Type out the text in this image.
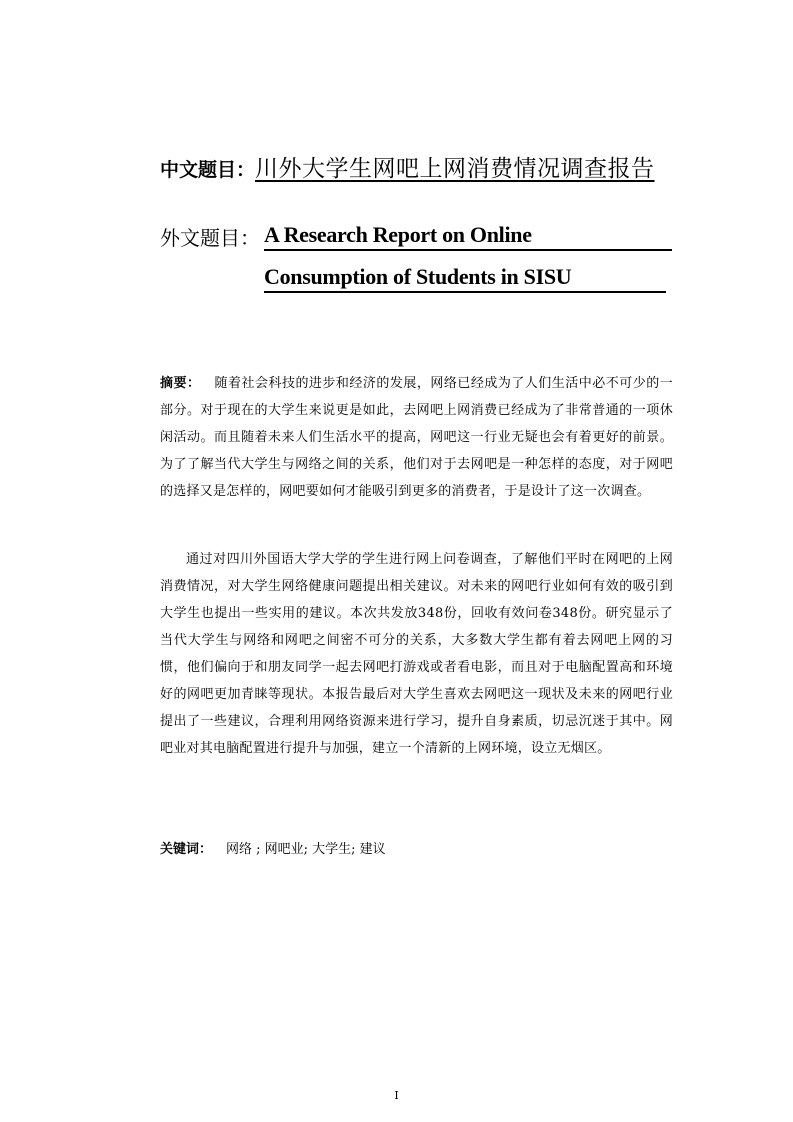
中文题目： 川外大学生网吧上网消费情况调查报告
外文题目： A Research Report on Online
Consumption of Students in SISU
摘要： 随着社会科技的进步和经济的发展，网络已经成为了人们生活中必不可少的一部分。对于现在的大学生来说更是如此，去网吧上网消费已经成为了非常普通的一项休闲活动。而且随着未来人们生活水平的提高，网吧这一行业无疑也会有着更好的前景。为了了解当代大学生与网络之间的关系，他们对于去网吧是一种怎样的态度，对于网吧的选择又是怎样的，网吧要如何才能吸引到更多的消费者，于是设计了这一次调查。
通过对四川外国语大学大学的学生进行网上问卷调查，了解他们平时在网吧的上网消费情况，对大学生网络健康问题提出相关建议。对未来的网吧行业如何有效的吸引到大学生也提出一些实用的建议。本次共发放348份，回收有效问卷348份。研究显示了当代大学生与网络和网吧之间密不可分的关系，大多数大学生都有着去网吧上网的习惯，他们偏向于和朋友同学一起去网吧打游戏或者看电影，而且对于电脑配置高和环境好的网吧更加青睐等现状。本报告最后对大学生喜欢去网吧这一现状及未来的网吧行业提出了一些建议，合理利用网络资源来进行学习，提升自身素质，切忌沉迷于其中。网吧业对其电脑配置进行提升与加强，建立一个清新的上网环境，设立无烟区。
关键词： 网络 ; 网吧业; 大学生; 建议
I
